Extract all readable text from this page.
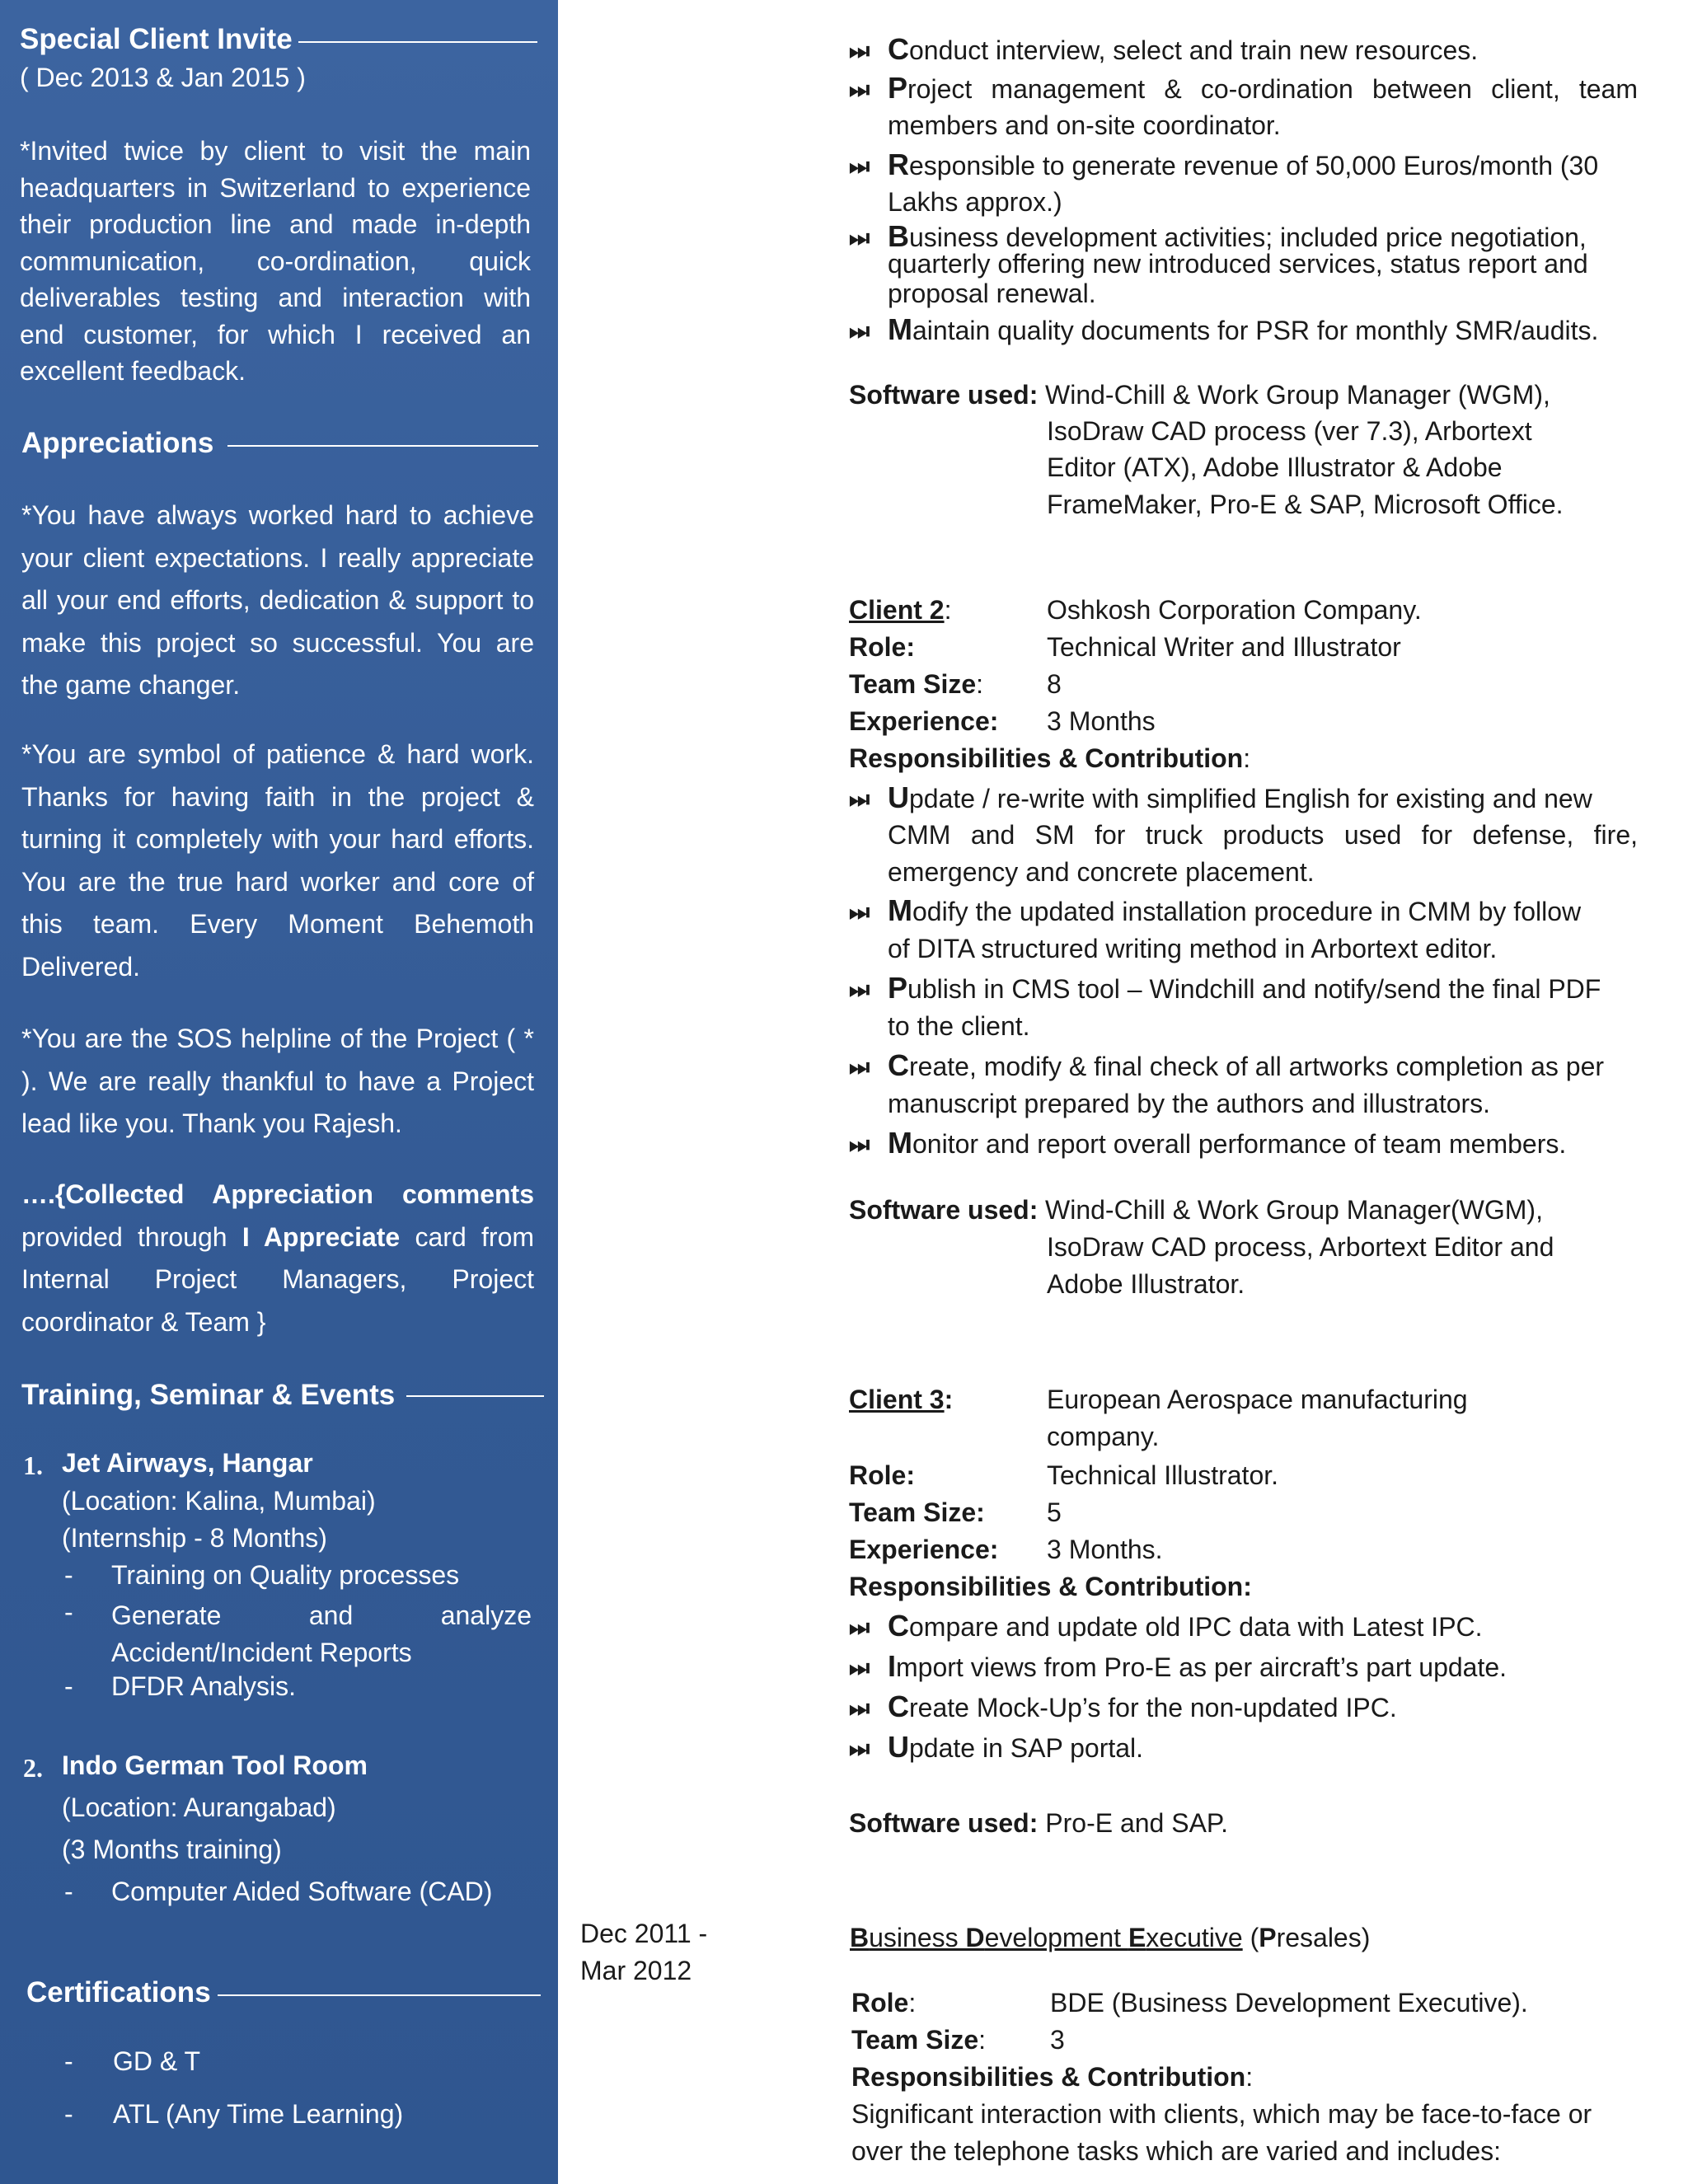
Special Client Invite
( Dec 2013 & Jan 2015 )
*Invited twice by client to visit the main headquarters in Switzerland to experience their production line and made in-depth communication, co-ordination, quick deliverables testing and interaction with end customer, for which I received an excellent feedback.
Appreciations
*You have always worked hard to achieve your client expectations. I really appreciate all your end efforts, dedication & support to make this project so successful. You are the game changer.
*You are symbol of patience & hard work. Thanks for having faith in the project & turning it completely with your hard efforts. You are the true hard worker and core of this team. Every Moment Behemoth Delivered.
*You are the SOS helpline of the Project ( * ). We are really thankful to have a Project lead like you. Thank you Rajesh.
….{Collected Appreciation comments provided through I Appreciate card from Internal Project Managers, Project coordinator & Team }
Training, Seminar & Events
1. Jet Airways, Hangar
(Location: Kalina, Mumbai)
(Internship - 8 Months)
- Training on Quality processes
- Generate and analyze Accident/Incident Reports
- DFDR Analysis.
2. Indo German Tool Room
(Location: Aurangabad)
(3 Months training)
- Computer Aided Software (CAD)
Certifications
- GD & T
- ATL (Any Time Learning)
⏭ Conduct interview, select and train new resources.
⏭ Project management & co-ordination between client, team
members and on-site coordinator.
⏭ Responsible to generate revenue of 50,000 Euros/month (30
Lakhs approx.)
⏭ Business development activities; included price negotiation,
quarterly offering new introduced services, status report and
proposal renewal.
⏭ Maintain quality documents for PSR for monthly SMR/audits.
Software used: Wind-Chill & Work Group Manager (WGM),
IsoDraw CAD process (ver 7.3), Arbortext
Editor (ATX), Adobe Illustrator & Adobe
FrameMaker, Pro-E & SAP, Microsoft Office.
Client 2:	Oshkosh Corporation Company.
Role:	Technical Writer and Illustrator
Team Size: 8
Experience: 3 Months
Responsibilities & Contribution:
⏭ Update / re-write with simplified English for existing and new
CMM and SM for truck products used for defense, fire,
emergency and concrete placement.
⏭ Modify the updated installation procedure in CMM by follow
of DITA structured writing method in Arbortext editor.
⏭ Publish in CMS tool – Windchill and notify/send the final PDF
to the client.
⏭ Create, modify & final check of all artworks completion as per
manuscript prepared by the authors and illustrators.
⏭ Monitor and report overall performance of team members.
Software used: Wind-Chill & Work Group Manager(WGM),
IsoDraw CAD process, Arbortext Editor and
Adobe Illustrator.
Client 3:	European Aerospace manufacturing
company.
Role:	Technical Illustrator.
Team Size: 5
Experience: 3 Months.
Responsibilities & Contribution:
⏭ Compare and update old IPC data with Latest IPC.
⏭ Import views from Pro-E as per aircraft’s part update.
⏭ Create Mock-Up’s for the non-updated IPC.
⏭ Update in SAP portal.
Software used: Pro-E and SAP.
Dec 2011 -
Mar 2012
Business Development Executive (Presales)
Role:	BDE (Business Development Executive).
Team Size: 3
Responsibilities & Contribution:
Significant interaction with clients, which may be face-to-face or
over the telephone tasks which are varied and includes:
